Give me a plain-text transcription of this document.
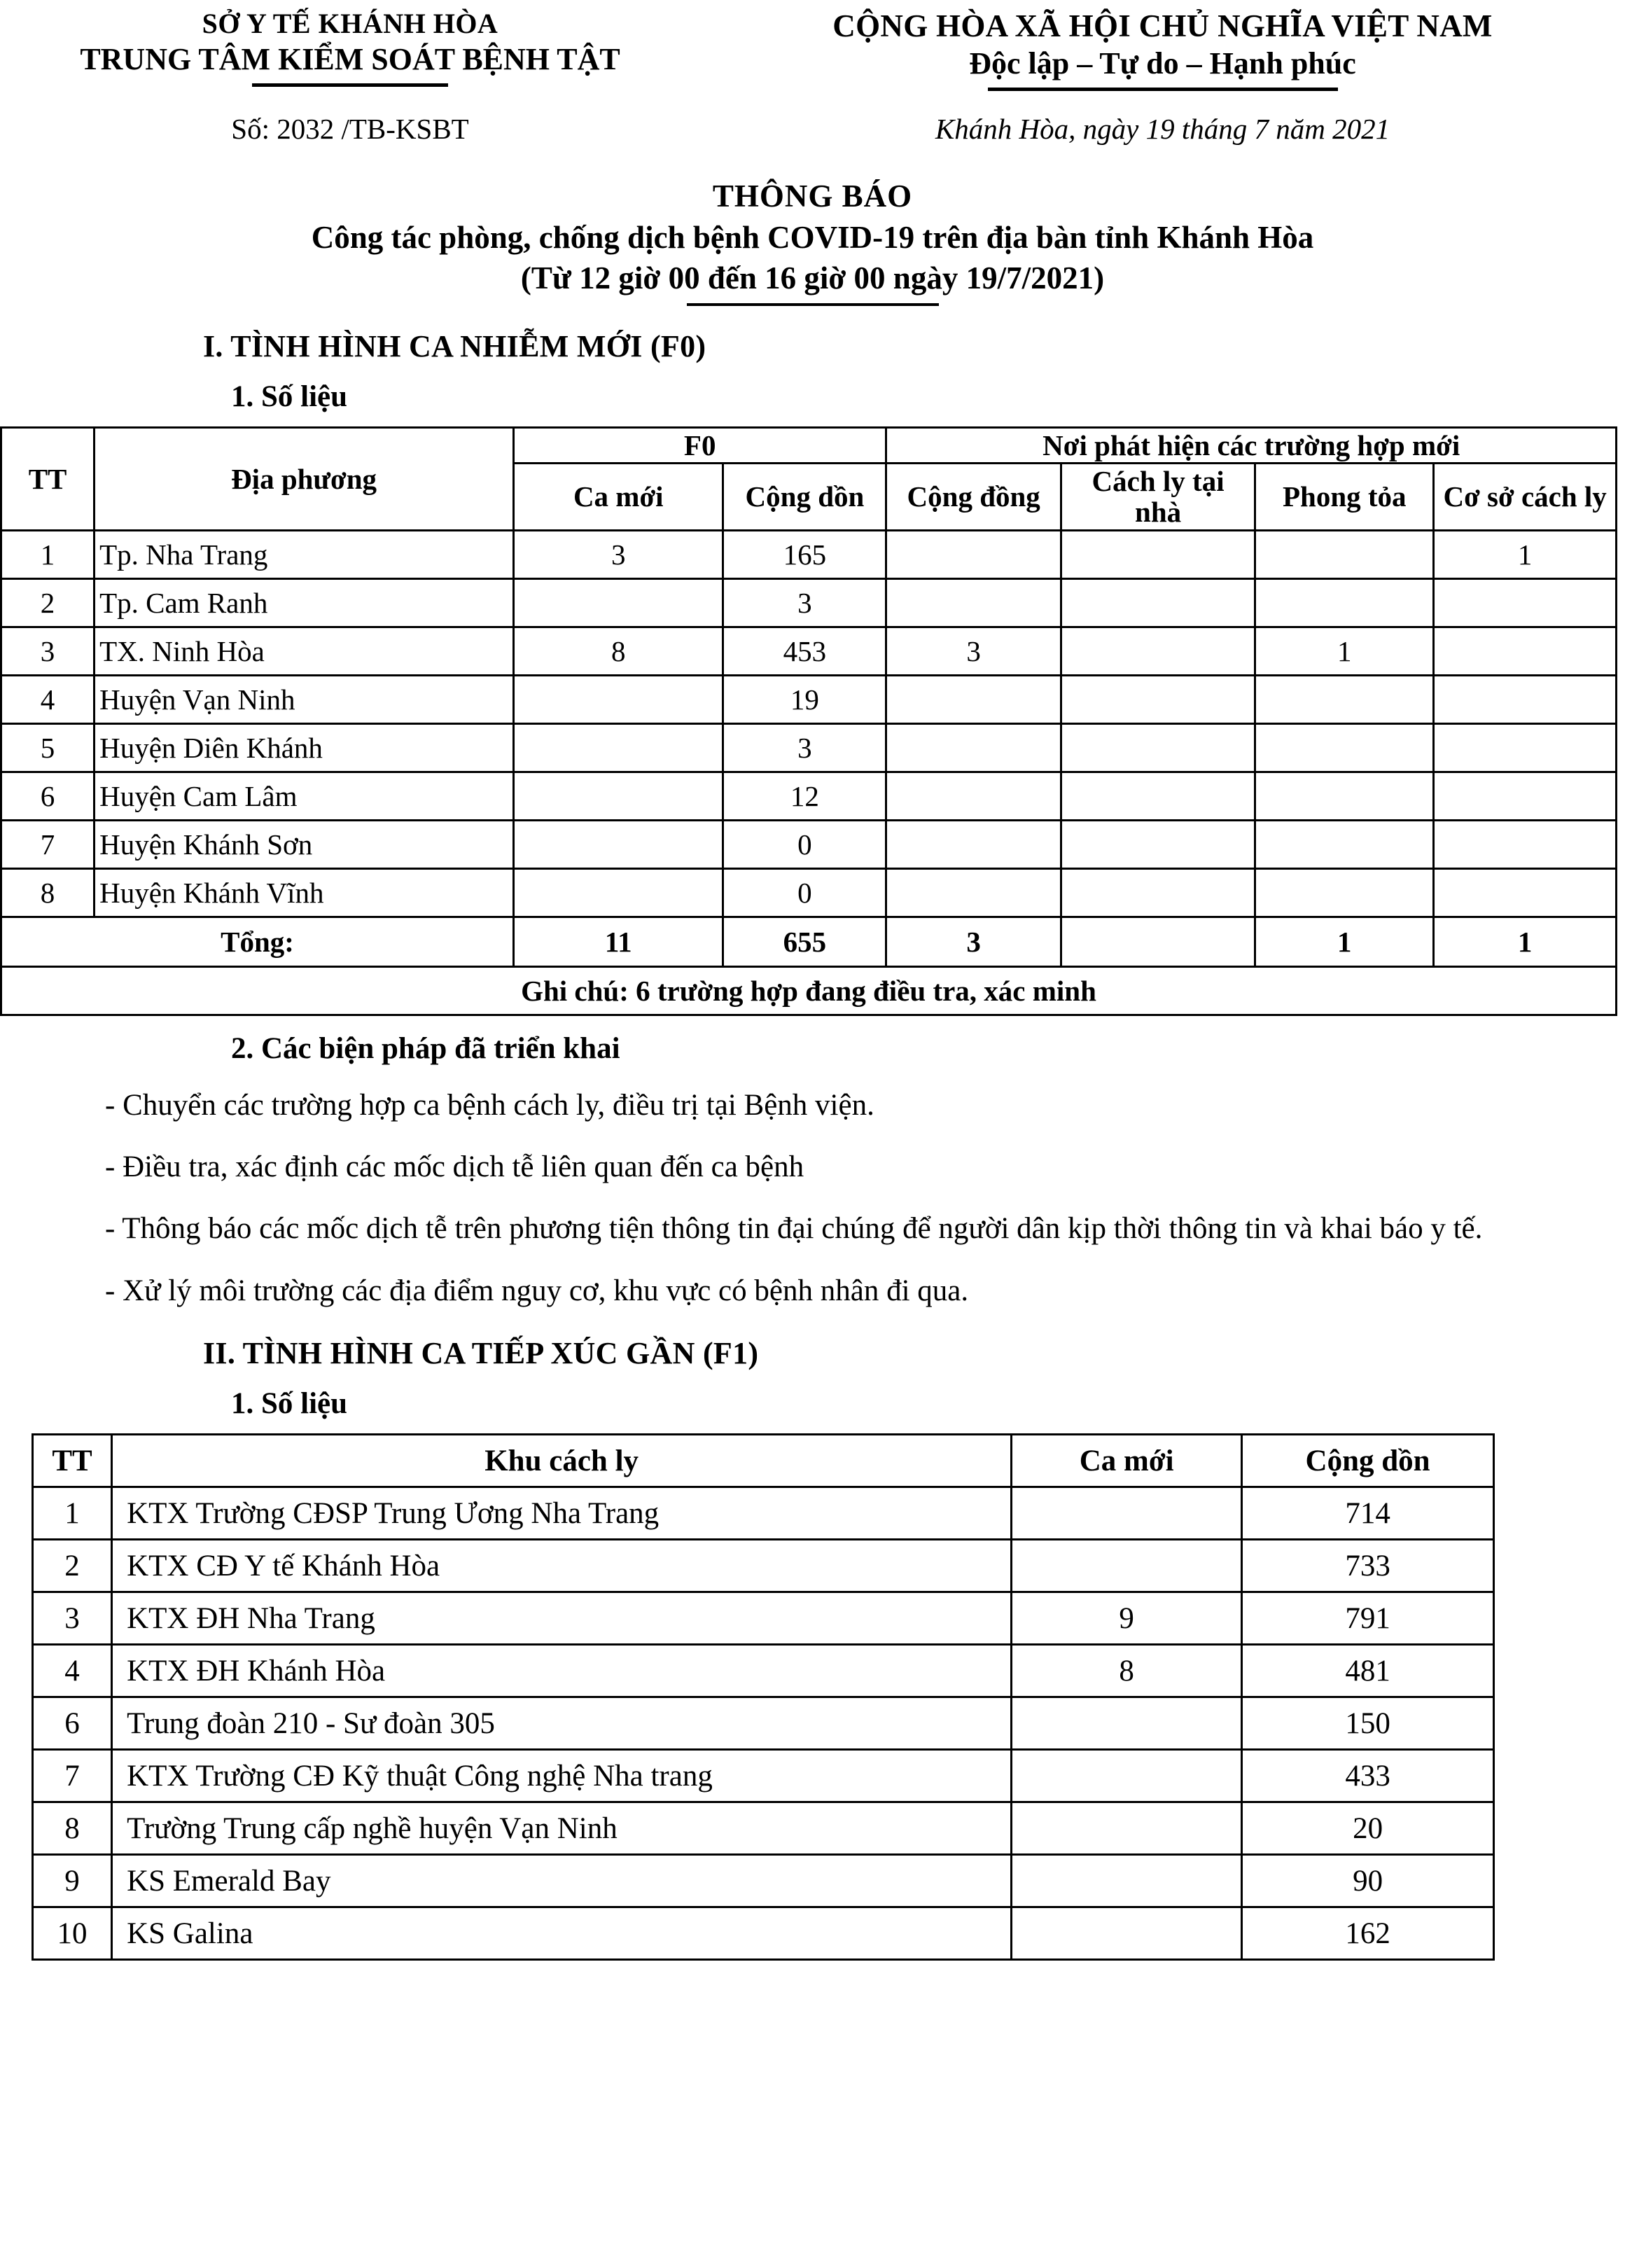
SỞ Y TẾ KHÁNH HÒA
TRUNG TÂM KIỂM SOÁT BỆNH TẬT
CỘNG HÒA XÃ HỘI CHỦ NGHĨA VIỆT NAM
Độc lập – Tự do – Hạnh phúc
Số: 2032 /TB-KSBT	Khánh Hòa, ngày 19 tháng 7 năm 2021
THÔNG BÁO
Công tác phòng, chống dịch bệnh COVID-19 trên địa bàn tỉnh Khánh Hòa
(Từ 12 giờ 00 đến 16 giờ 00 ngày 19/7/2021)
I. TÌNH HÌNH CA NHIỄM MỚI (F0)
1. Số liệu
TT	Địa phương	F0		Nơi phát hiện các trường hợp mới			
		Ca mới	Cộng dồn	Cộng đồng	Cách ly tại nhà	Phong tỏa	Cơ sở cách ly
1	Tp. Nha Trang	3	165				1
2	Tp. Cam Ranh		3				
3	TX. Ninh Hòa	8	453	3		1	
4	Huyện Vạn Ninh		19				
5	Huyện Diên Khánh		3				
6	Huyện Cam Lâm		12				
7	Huyện Khánh Sơn		0				
8	Huyện Khánh Vĩnh		0				
Tổng:		11	655	3		1	1
Ghi chú: 6 trường hợp đang điều tra, xác minh							
2. Các biện pháp đã triển khai
- Chuyển các trường hợp ca bệnh cách ly, điều trị tại Bệnh viện.
- Điều tra, xác định các mốc dịch tễ liên quan đến ca bệnh
- Thông báo các mốc dịch tễ trên phương tiện thông tin đại chúng để người dân kịp thời thông tin và khai báo y tế.
- Xử lý môi trường các địa điểm nguy cơ, khu vực có bệnh nhân đi qua.
II. TÌNH HÌNH CA TIẾP XÚC GẦN (F1)
1. Số liệu
TT	Khu cách ly	Ca mới	Cộng dồn
1	KTX Trường CĐSP Trung Ương Nha Trang		714
2	KTX CĐ Y tế Khánh Hòa		733
3	KTX ĐH Nha Trang	9	791
4	KTX ĐH Khánh Hòa	8	481
6	Trung đoàn 210 - Sư đoàn 305		150
7	KTX Trường CĐ Kỹ thuật Công nghệ Nha trang		433
8	Trường Trung cấp nghề huyện Vạn Ninh		20
9	KS Emerald Bay		90
10	KS Galina		162
